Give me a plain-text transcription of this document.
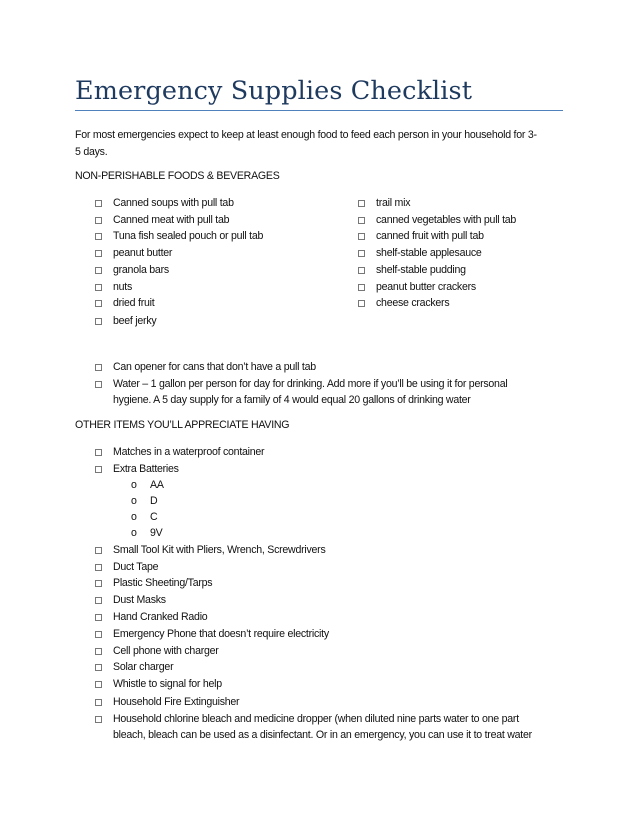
Emergency Supplies Checklist
For most emergencies expect to keep at least enough food to feed each person in your household for 3-
5 days.
NON-PERISHABLE FOODS & BEVERAGES
Canned soups with pull tab
Canned meat with pull tab
Tuna fish sealed pouch or pull tab
peanut butter
granola bars
nuts
dried fruit
beef jerky
trail mix
canned vegetables with pull tab
canned fruit with pull tab
shelf-stable applesauce
shelf-stable pudding
peanut butter crackers
cheese crackers
Can opener for cans that don’t have a pull tab
Water – 1 gallon per person for day for drinking. Add more if you’ll be using it for personal
hygiene. A 5 day supply for a family of 4 would equal 20 gallons of drinking water
OTHER ITEMS YOU’LL APPRECIATE HAVING
Matches in a waterproof container
Extra Batteries
o AA
o D
o C
o 9V
Small Tool Kit with Pliers, Wrench, Screwdrivers
Duct Tape
Plastic Sheeting/Tarps
Dust Masks
Hand Cranked Radio
Emergency Phone that doesn’t require electricity
Cell phone with charger
Solar charger
Whistle to signal for help
Household Fire Extinguisher
Household chlorine bleach and medicine dropper (when diluted nine parts water to one part
bleach, bleach can be used as a disinfectant. Or in an emergency, you can use it to treat water
